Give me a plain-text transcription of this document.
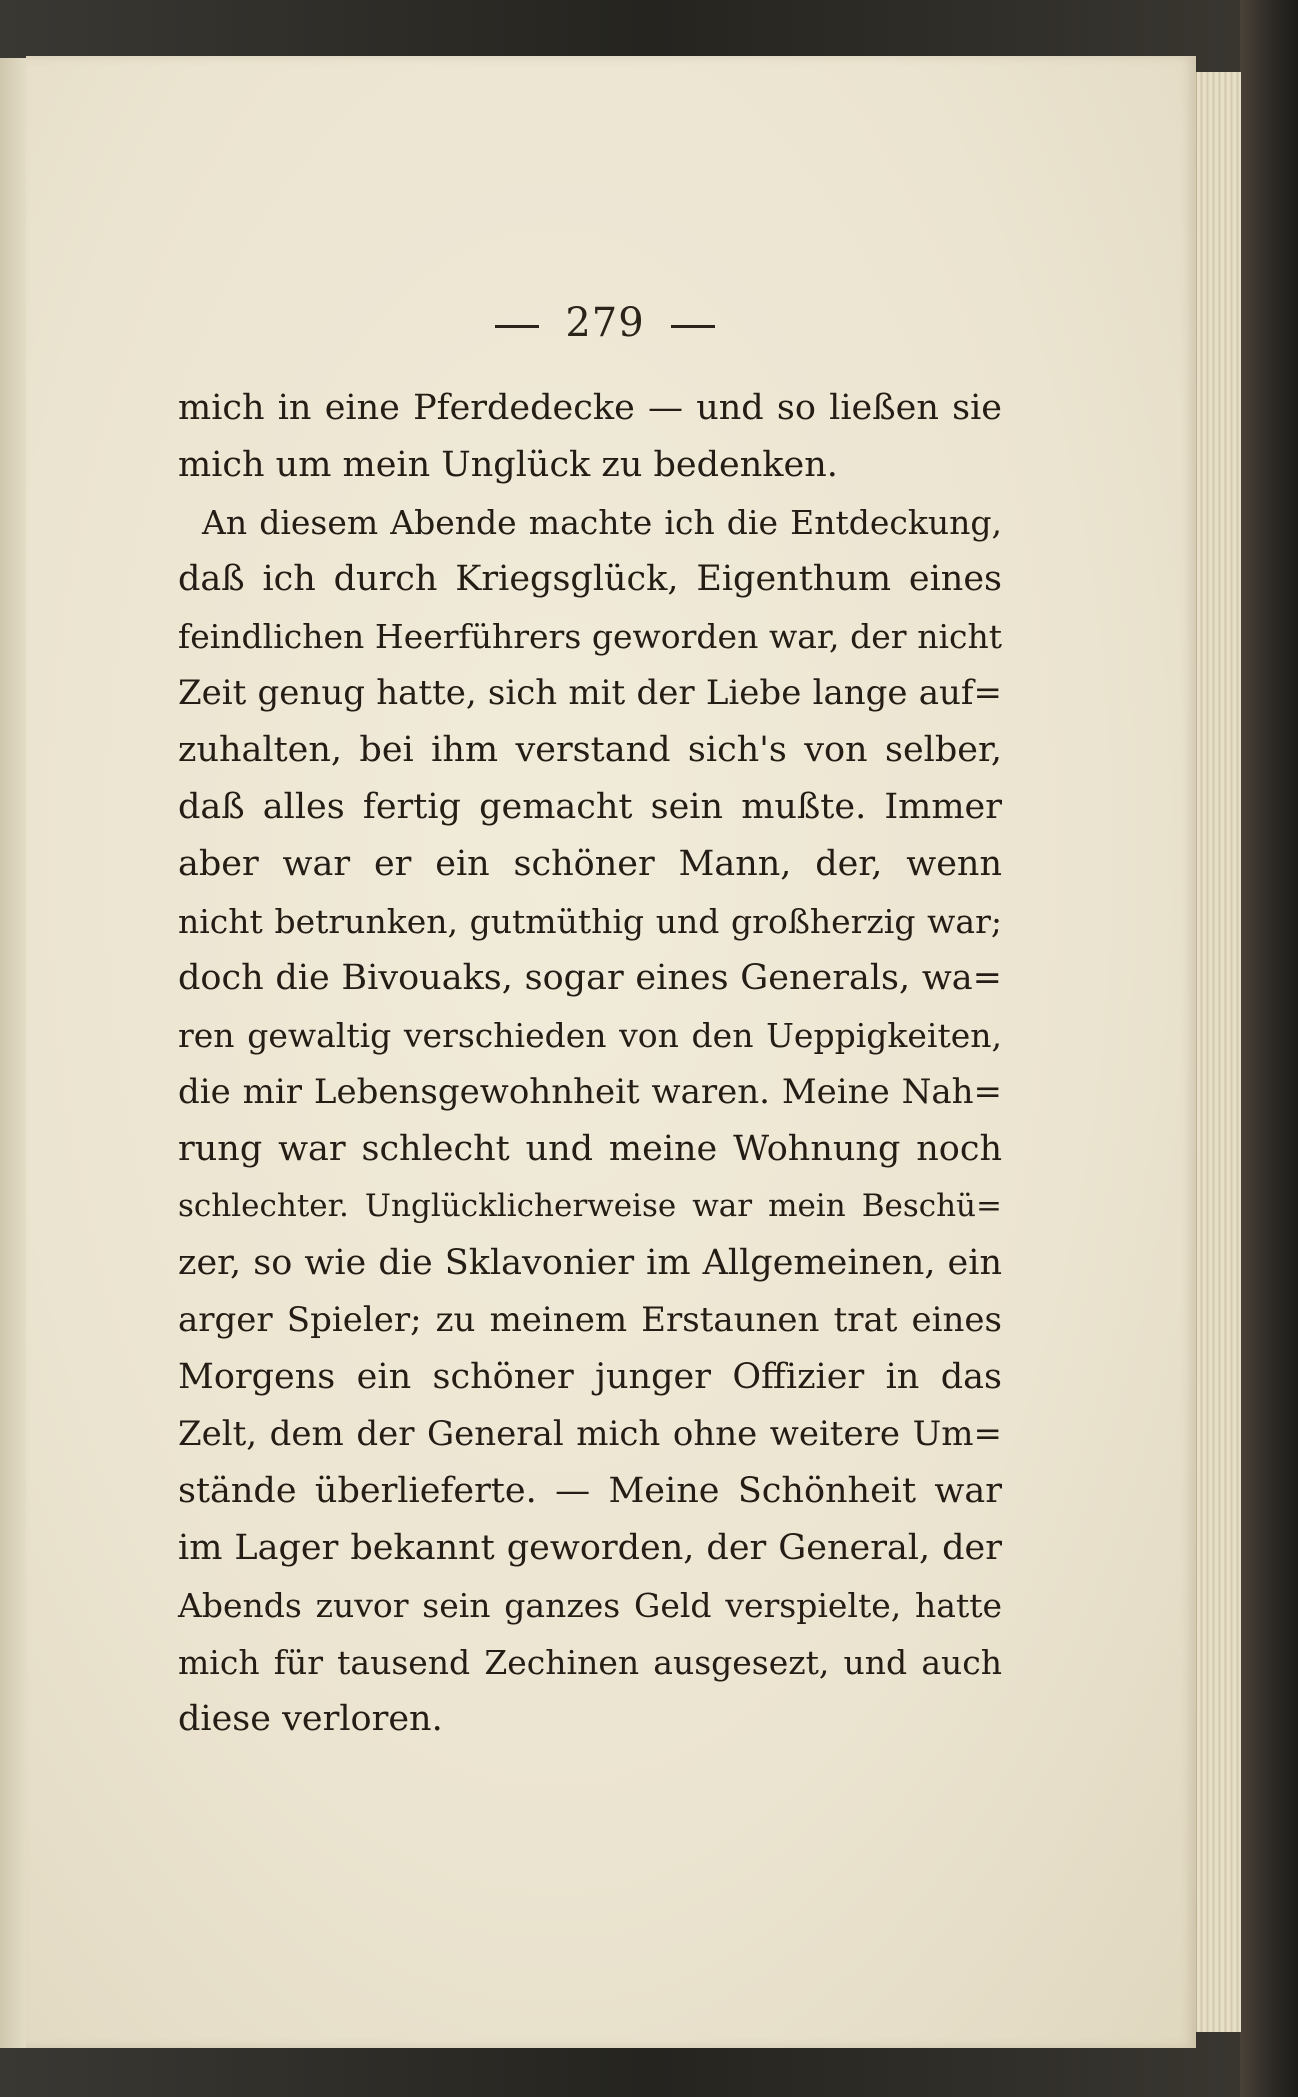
279
mich in eine Pferdedecke — und so ließen sie
mich um mein Unglück zu bedenken.
An diesem Abende machte ich die Entdeckung,
daß ich durch Kriegsglück, Eigenthum eines
feindlichen Heerführers geworden war, der nicht
Zeit genug hatte, sich mit der Liebe lange auf=
zuhalten, bei ihm verstand sich's von selber,
daß alles fertig gemacht sein mußte. Immer
aber war er ein schöner Mann, der, wenn
nicht betrunken, gutmüthig und großherzig war;
doch die Bivouaks, sogar eines Generals, wa=
ren gewaltig verschieden von den Ueppigkeiten,
die mir Lebensgewohnheit waren. Meine Nah=
rung war schlecht und meine Wohnung noch
schlechter. Unglücklicherweise war mein Beschü=
zer, so wie die Sklavonier im Allgemeinen, ein
arger Spieler; zu meinem Erstaunen trat eines
Morgens ein schöner junger Offizier in das
Zelt, dem der General mich ohne weitere Um=
stände überlieferte. — Meine Schönheit war
im Lager bekannt geworden, der General, der
Abends zuvor sein ganzes Geld verspielte, hatte
mich für tausend Zechinen ausgesezt, und auch
diese verloren.
